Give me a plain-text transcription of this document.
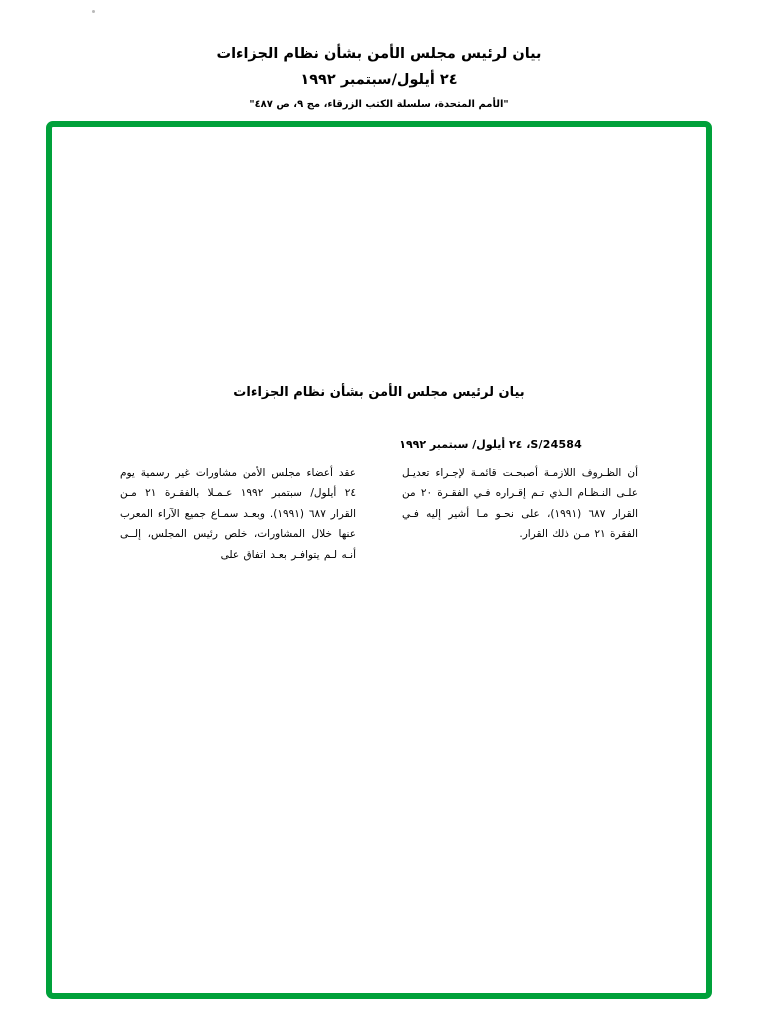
بيان لرئيس مجلس الأمن بشأن نظام الجزاءات
٢٤ أيلول/سبتمبر ١٩٩٢
"الأمم المتحدة، سلسلة الكتب الزرقاء، مج ٩، ص ٤٨٧"
بيان لرئيس مجلس الأمن بشأن نظام الجزاءات
S/24584، ٢٤ أيلول/ سبتمبر ١٩٩٢

عقد أعضاء مجلس الأمن مشاورات غير رسمية يوم ٢٤ أيلول/ سبتمبر ١٩٩٢ عـمـلا بالفقـرة ٢١ مـن القرار ٦٨٧ (١٩٩١). وبعـد سمـاع جميع الآراء المعرب عنها خلال المشاورات، خلص رئيس المجلس، إلــى أنـه لـم يتوافـر بعـد اتفاق على

أن الظـروف اللازمـة أصبحـت قائمـة لإجـراء تعديـل علـى النـظـام الـذي تـم إقـراره فـي الفقـرة ٢٠ من القرار ٦٨٧ (١٩٩١)، على نحـو مـا أشير إليه فـي الفقرة ٢١ مـن ذلك القرار.
